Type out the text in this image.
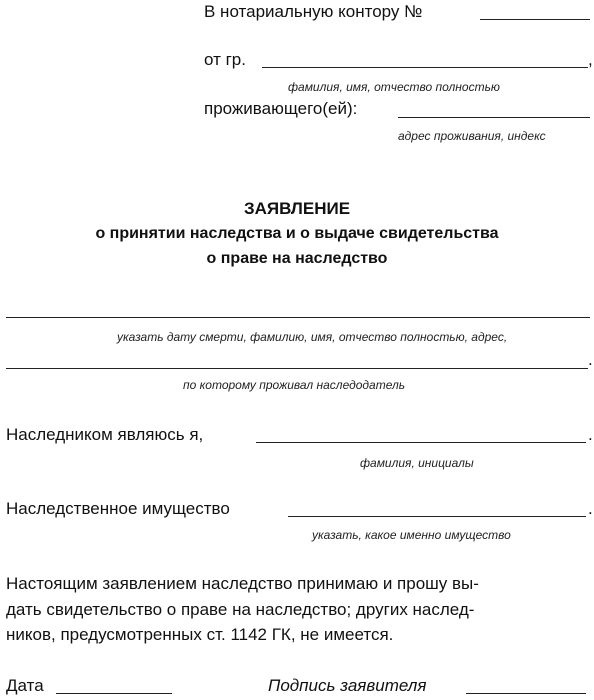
В нотариальную контору №
от гр.	,
фамилия, имя, отчество полностью
проживающего(ей):
адрес проживания, индекс
ЗАЯВЛЕНИЕ
о принятии наследства и о выдаче свидетельства
о праве на наследство
указать дату смерти, фамилию, имя, отчество полностью, адрес,
.
по которому проживал наследодатель
Наследником являюсь я,	.
фамилия, инициалы
Наследственное имущество	.
указать, какое именно имущество
Настоящим заявлением наследство принимаю и прошу вы-
дать свидетельство о праве на наследство; других наслед-
ников, предусмотренных ст. 1142 ГК, не имеется.
Дата	Подпись заявителя
